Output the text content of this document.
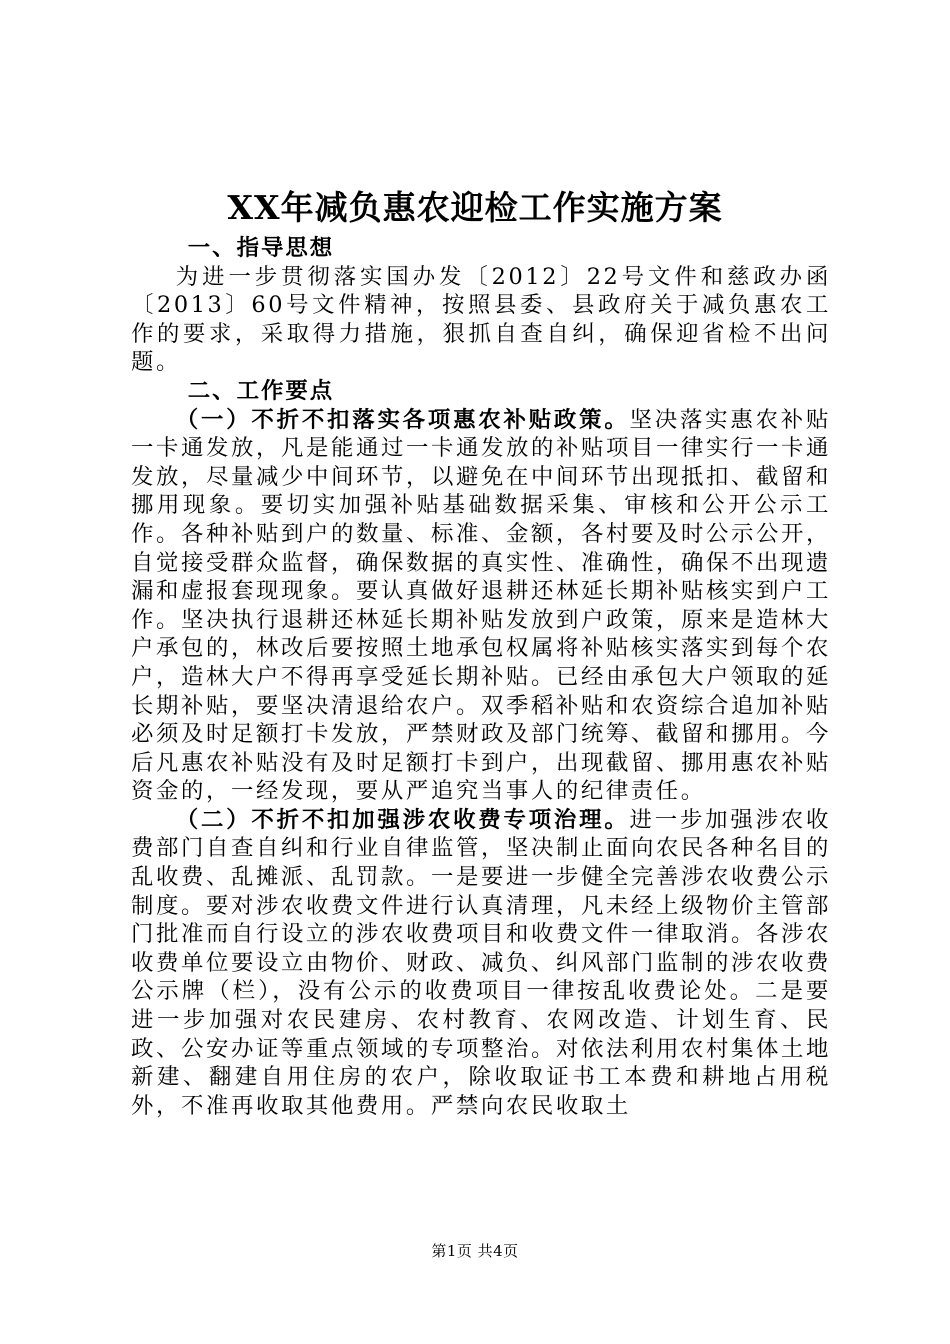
XX年减负惠农迎检工作实施方案

一、指导思想

为进一步贯彻落实国办发〔2012〕22号文件和慈政办函〔2013〕60号文件精神，按照县委、县政府关于减负惠农工作的要求，采取得力措施，狠抓自查自纠，确保迎省检不出问题。

二、工作要点

（一）不折不扣落实各项惠农补贴政策。坚决落实惠农补贴一卡通发放，凡是能通过一卡通发放的补贴项目一律实行一卡通发放，尽量减少中间环节，以避免在中间环节出现抵扣、截留和挪用现象。要切实加强补贴基础数据采集、审核和公开公示工作。各种补贴到户的数量、标准、金额，各村要及时公示公开，自觉接受群众监督，确保数据的真实性、准确性，确保不出现遗漏和虚报套现现象。要认真做好退耕还林延长期补贴核实到户工作。坚决执行退耕还林延长期补贴发放到户政策，原来是造林大户承包的，林改后要按照土地承包权属将补贴核实落实到每个农户，造林大户不得再享受延长期补贴。已经由承包大户领取的延长期补贴，要坚决清退给农户。双季稻补贴和农资综合追加补贴必须及时足额打卡发放，严禁财政及部门统筹、截留和挪用。今后凡惠农补贴没有及时足额打卡到户，出现截留、挪用惠农补贴资金的，一经发现，要从严追究当事人的纪律责任。

（二）不折不扣加强涉农收费专项治理。进一步加强涉农收费部门自查自纠和行业自律监管，坚决制止面向农民各种名目的乱收费、乱摊派、乱罚款。一是要进一步健全完善涉农收费公示制度。要对涉农收费文件进行认真清理，凡未经上级物价主管部门批准而自行设立的涉农收费项目和收费文件一律取消。各涉农收费单位要设立由物价、财政、减负、纠风部门监制的涉农收费公示牌（栏），没有公示的收费项目一律按乱收费论处。二是要进一步加强对农民建房、农村教育、农网改造、计划生育、民政、公安办证等重点领域的专项整治。对依法利用农村集体土地新建、翻建自用住房的农户，除收取证书工本费和耕地占用税外，不准再收取其他费用。严禁向农民收取土

第1页 共4页
